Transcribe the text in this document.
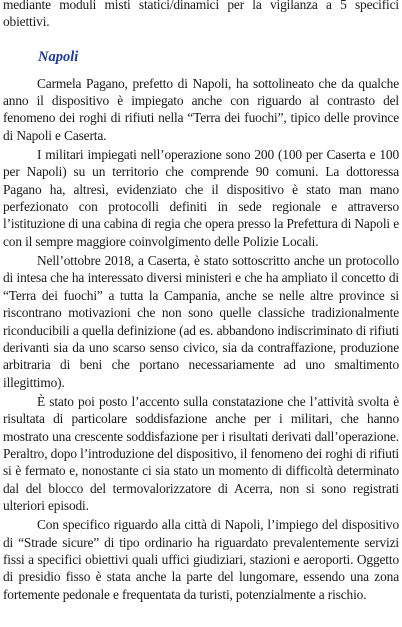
mediante moduli misti statici/dinamici per la vigilanza a 5 specifici obiettivi.

Napoli

Carmela Pagano, prefetto di Napoli, ha sottolineato che da qualche anno il dispositivo è impiegato anche con riguardo al contrasto del fenomeno dei roghi di rifiuti nella “Terra dei fuochi”, tipico delle province di Napoli e Caserta.

I militari impiegati nell’operazione sono 200 (100 per Caserta e 100 per Napoli) su un territorio che comprende 90 comuni. La dottoressa Pagano ha, altresì, evidenziato che il dispositivo è stato man mano perfezionato con protocolli definiti in sede regionale e attraverso l’istituzione di una cabina di regia che opera presso la Prefettura di Napoli e con il sempre maggiore coinvolgimento delle Polizie Locali.

Nell’ottobre 2018, a Caserta, è stato sottoscritto anche un protocollo di intesa che ha interessato diversi ministeri e che ha ampliato il concetto di “Terra dei fuochi” a tutta la Campania, anche se nelle altre province si riscontrano motivazioni che non sono quelle classiche tradizionalmente riconducibili a quella definizione (ad es. abbandono indiscriminato di rifiuti derivanti sia da uno scarso senso civico, sia da contraffazione, produzione arbitraria di beni che portano necessariamente ad uno smaltimento illegittimo).

È stato poi posto l’accento sulla constatazione che l’attività svolta è risultata di particolare soddisfazione anche per i militari, che hanno mostrato una crescente soddisfazione per i risultati derivati dall’operazione. Peraltro, dopo l’introduzione del dispositivo, il fenomeno dei roghi di rifiuti si è fermato e, nonostante ci sia stato un momento di difficoltà determinato dal del blocco del termovalorizzatore di Acerra, non si sono registrati ulteriori episodi.

Con specifico riguardo alla città di Napoli, l’impiego del dispositivo di “Strade sicure” di tipo ordinario ha riguardato prevalentemente servizi fissi a specifici obiettivi quali uffici giudiziari, stazioni e aeroporti. Oggetto di presidio fisso è stata anche la parte del lungomare, essendo una zona fortemente pedonale e frequentata da turisti, potenzialmente a rischio.
